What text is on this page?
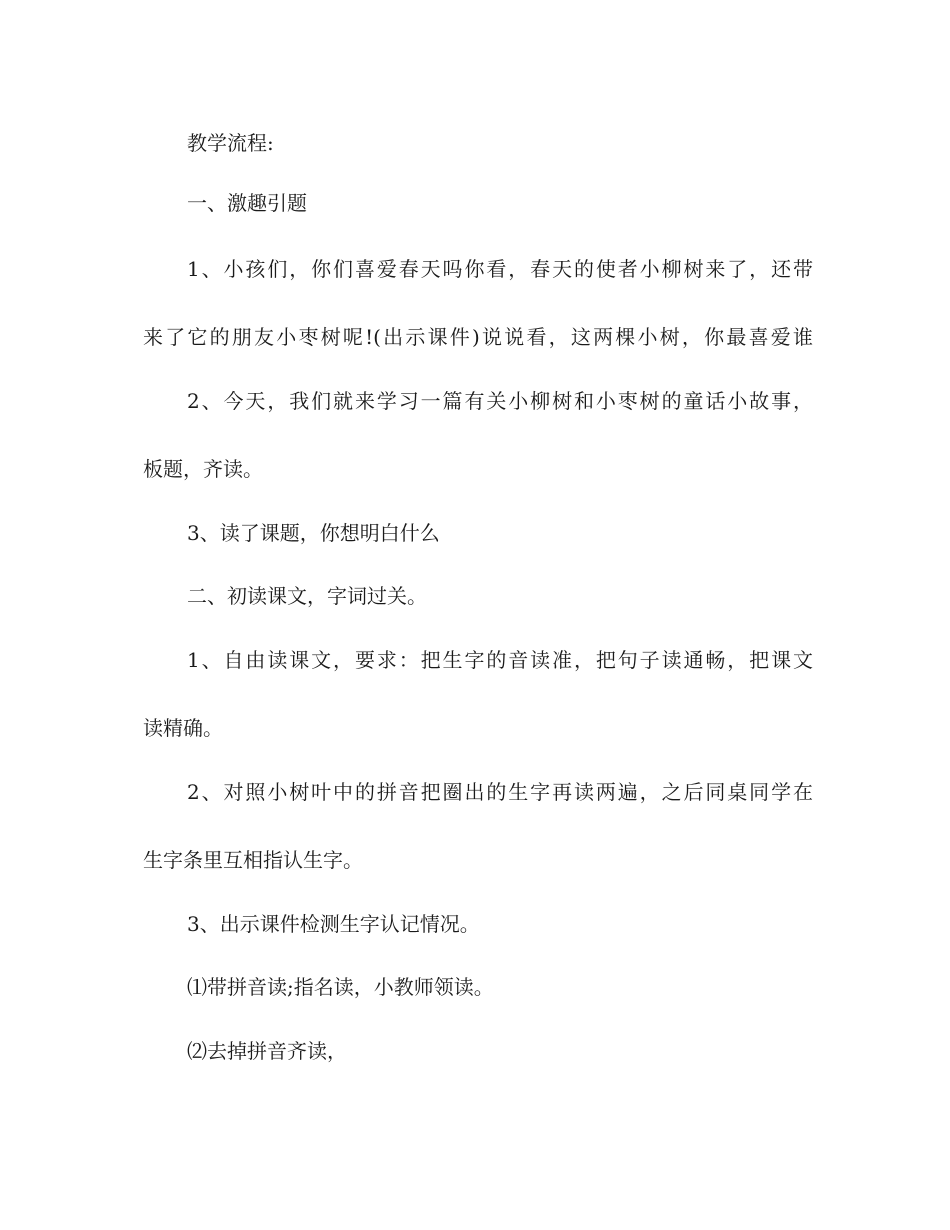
教学流程:
一、激趣引题
1、小孩们，你们喜爱春天吗你看，春天的使者小柳树来了，还带
来了它的朋友小枣树呢!(出示课件)说说看，这两棵小树，你最喜爱谁
2、今天，我们就来学习一篇有关小柳树和小枣树的童话小故事，
板题，齐读。
3、读了课题，你想明白什么
二、初读课文，字词过关。
1、自由读课文，要求：把生字的音读准，把句子读通畅，把课文
读精确。
2、对照小树叶中的拼音把圈出的生字再读两遍，之后同桌同学在
生字条里互相指认生字。
3、出示课件检测生字认记情况。
⑴带拼音读;指名读，小教师领读。
⑵去掉拼音齐读，
